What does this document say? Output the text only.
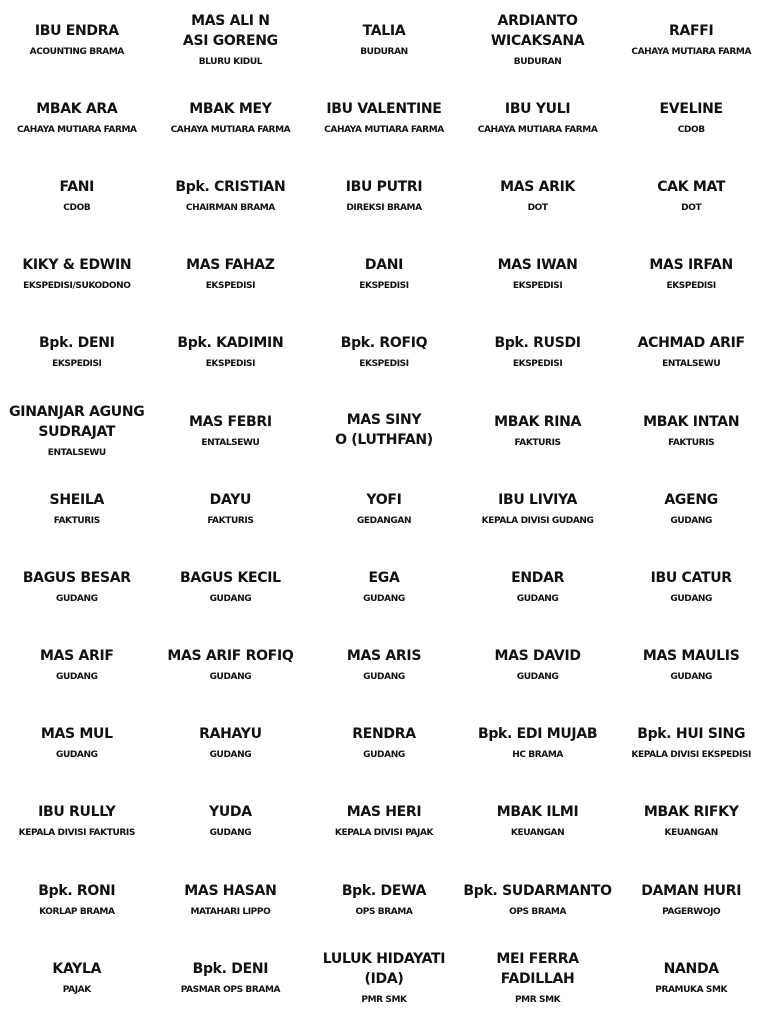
IBU ENDRA
ACOUNTING BRAMA
MAS ALI N
ASI GORENG
BLURU KIDUL
TALIA
BUDURAN
ARDIANTO
WICAKSANA
BUDURAN
RAFFI
CAHAYA MUTIARA FARMA
MBAK ARA
CAHAYA MUTIARA FARMA
MBAK MEY
CAHAYA MUTIARA FARMA
IBU VALENTINE
CAHAYA MUTIARA FARMA
IBU YULI
CAHAYA MUTIARA FARMA
EVELINE
CDOB
FANI
CDOB
Bpk. CRISTIAN
CHAIRMAN BRAMA
IBU PUTRI
DIREKSI BRAMA
MAS ARIK
DOT
CAK MAT
DOT
KIKY & EDWIN
EKSPEDISI/SUKODONO
MAS FAHAZ
EKSPEDISI
DANI
EKSPEDISI
MAS IWAN
EKSPEDISI
MAS IRFAN
EKSPEDISI
Bpk. DENI
EKSPEDISI
Bpk. KADIMIN
EKSPEDISI
Bpk. ROFIQ
EKSPEDISI
Bpk. RUSDI
EKSPEDISI
ACHMAD ARIF
ENTALSEWU
GINANJAR AGUNG
SUDRAJAT
ENTALSEWU
MAS FEBRI
ENTALSEWU
MAS SINY
O (LUTHFAN)
MBAK RINA
FAKTURIS
MBAK INTAN
FAKTURIS
SHEILA
FAKTURIS
DAYU
FAKTURIS
YOFI
GEDANGAN
IBU LIVIYA
KEPALA DIVISI GUDANG
AGENG
GUDANG
BAGUS BESAR
GUDANG
BAGUS KECIL
GUDANG
EGA
GUDANG
ENDAR
GUDANG
IBU CATUR
GUDANG
MAS ARIF
GUDANG
MAS ARIF ROFIQ
GUDANG
MAS ARIS
GUDANG
MAS DAVID
GUDANG
MAS MAULIS
GUDANG
MAS MUL
GUDANG
RAHAYU
GUDANG
RENDRA
GUDANG
Bpk. EDI MUJAB
HC BRAMA
Bpk. HUI SING
KEPALA DIVISI EKSPEDISI
IBU RULLY
KEPALA DIVISI FAKTURIS
YUDA
GUDANG
MAS HERI
KEPALA DIVISI PAJAK
MBAK ILMI
KEUANGAN
MBAK RIFKY
KEUANGAN
Bpk. RONI
KORLAP BRAMA
MAS HASAN
MATAHARI LIPPO
Bpk. DEWA
OPS BRAMA
Bpk. SUDARMANTO
OPS BRAMA
DAMAN HURI
PAGERWOJO
KAYLA
PAJAK
Bpk. DENI
PASMAR OPS BRAMA
LULUK HIDAYATI
(IDA)
PMR SMK
MEI FERRA
FADILLAH
PMR SMK
NANDA
PRAMUKA SMK
